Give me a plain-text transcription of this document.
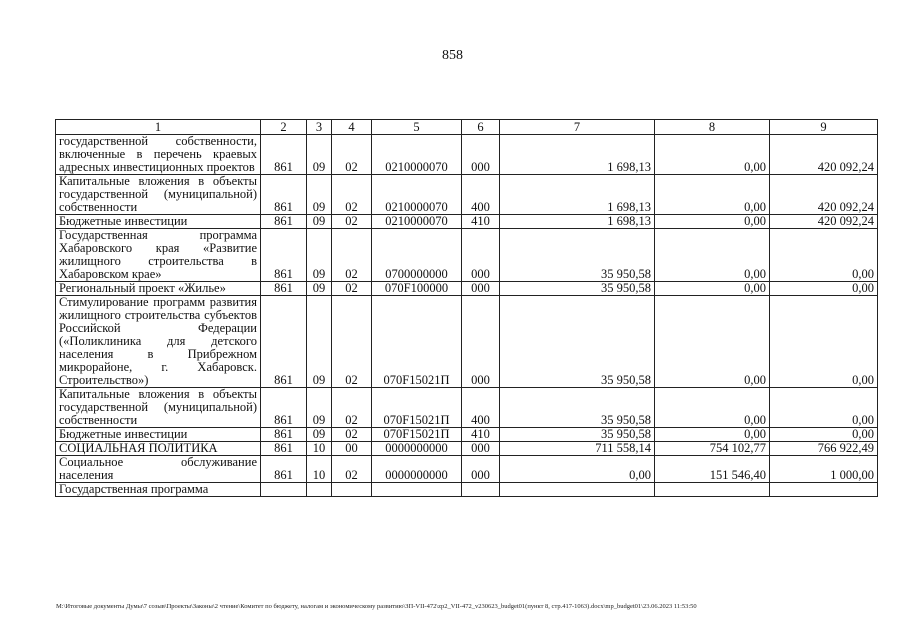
858
1	2	3	4	5	6	7	8	9
государственной собственности, включенные в перечень краевых адресных инвестиционных проектов	861	09	02	0210000070	000	1 698,13	0,00	420 092,24
Капитальные вложения в объекты государственной (муниципальной) собственности	861	09	02	0210000070	400	1 698,13	0,00	420 092,24
Бюджетные инвестиции	861	09	02	0210000070	410	1 698,13	0,00	420 092,24
Государственная программа Хабаровского края «Развитие жилищного строительства в Хабаровском крае»	861	09	02	0700000000	000	35 950,58	0,00	0,00
Региональный проект «Жилье»	861	09	02	070F100000	000	35 950,58	0,00	0,00
Стимулирование программ развития жилищного строительства субъектов Российской Федерации («Поликлиника для детского населения в Прибрежном микрорайоне, г. Хабаровск. Строительство»)	861	09	02	070F15021П	000	35 950,58	0,00	0,00
Капитальные вложения в объекты государственной (муниципальной) собственности	861	09	02	070F15021П	400	35 950,58	0,00	0,00
Бюджетные инвестиции	861	09	02	070F15021П	410	35 950,58	0,00	0,00
СОЦИАЛЬНАЯ ПОЛИТИКА	861	10	00	0000000000	000	711 558,14	754 102,77	766 922,49
Социальное обслуживание населения	861	10	02	0000000000	000	0,00	151 546,40	1 000,00
Государственная программа								
M:\Итоговые документы Думы\7 созыв\Проекты\Законы\2 чтение\Комитет по бюджету, налогам и экономическому развитию\ЗП-VII-472\zp2_VII-472_v230623_budget01(пункт 8, стр.417-1063).docx\mp_budget01\23.06.2023 11:53:50
